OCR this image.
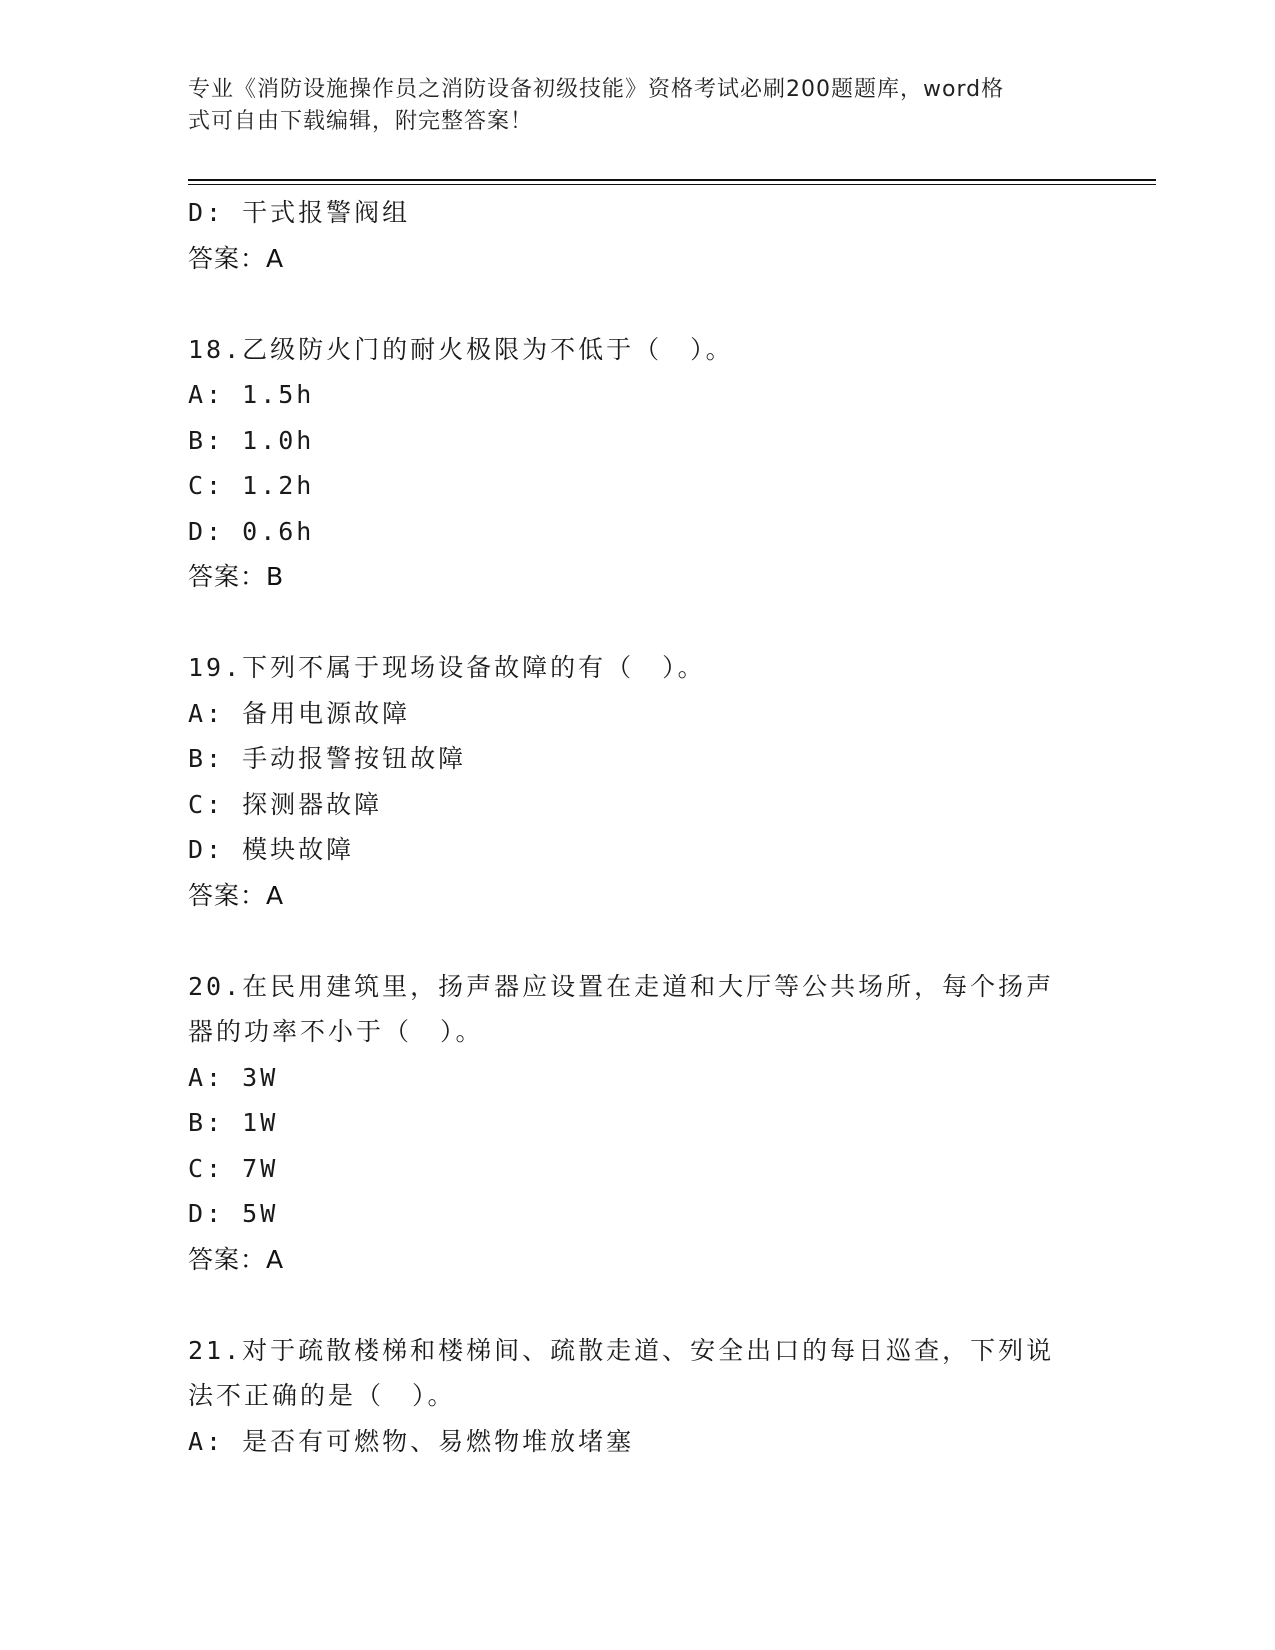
专业《消防设施操作员之消防设备初级技能》资格考试必刷200题题库，word格
式可自由下载编辑，附完整答案！
D: 干式报警阀组
答案：A
18.乙级防火门的耐火极限为不低于（　）。
A: 1.5h
B: 1.0h
C: 1.2h
D: 0.6h
答案：B
19.下列不属于现场设备故障的有（　）。
A: 备用电源故障
B: 手动报警按钮故障
C: 探测器故障
D: 模块故障
答案：A
20.在民用建筑里，扬声器应设置在走道和大厅等公共场所，每个扬声
器的功率不小于（　）。
A: 3W
B: 1W
C: 7W
D: 5W
答案：A
21.对于疏散楼梯和楼梯间、疏散走道、安全出口的每日巡查，下列说
法不正确的是（　）。
A: 是否有可燃物、易燃物堆放堵塞
